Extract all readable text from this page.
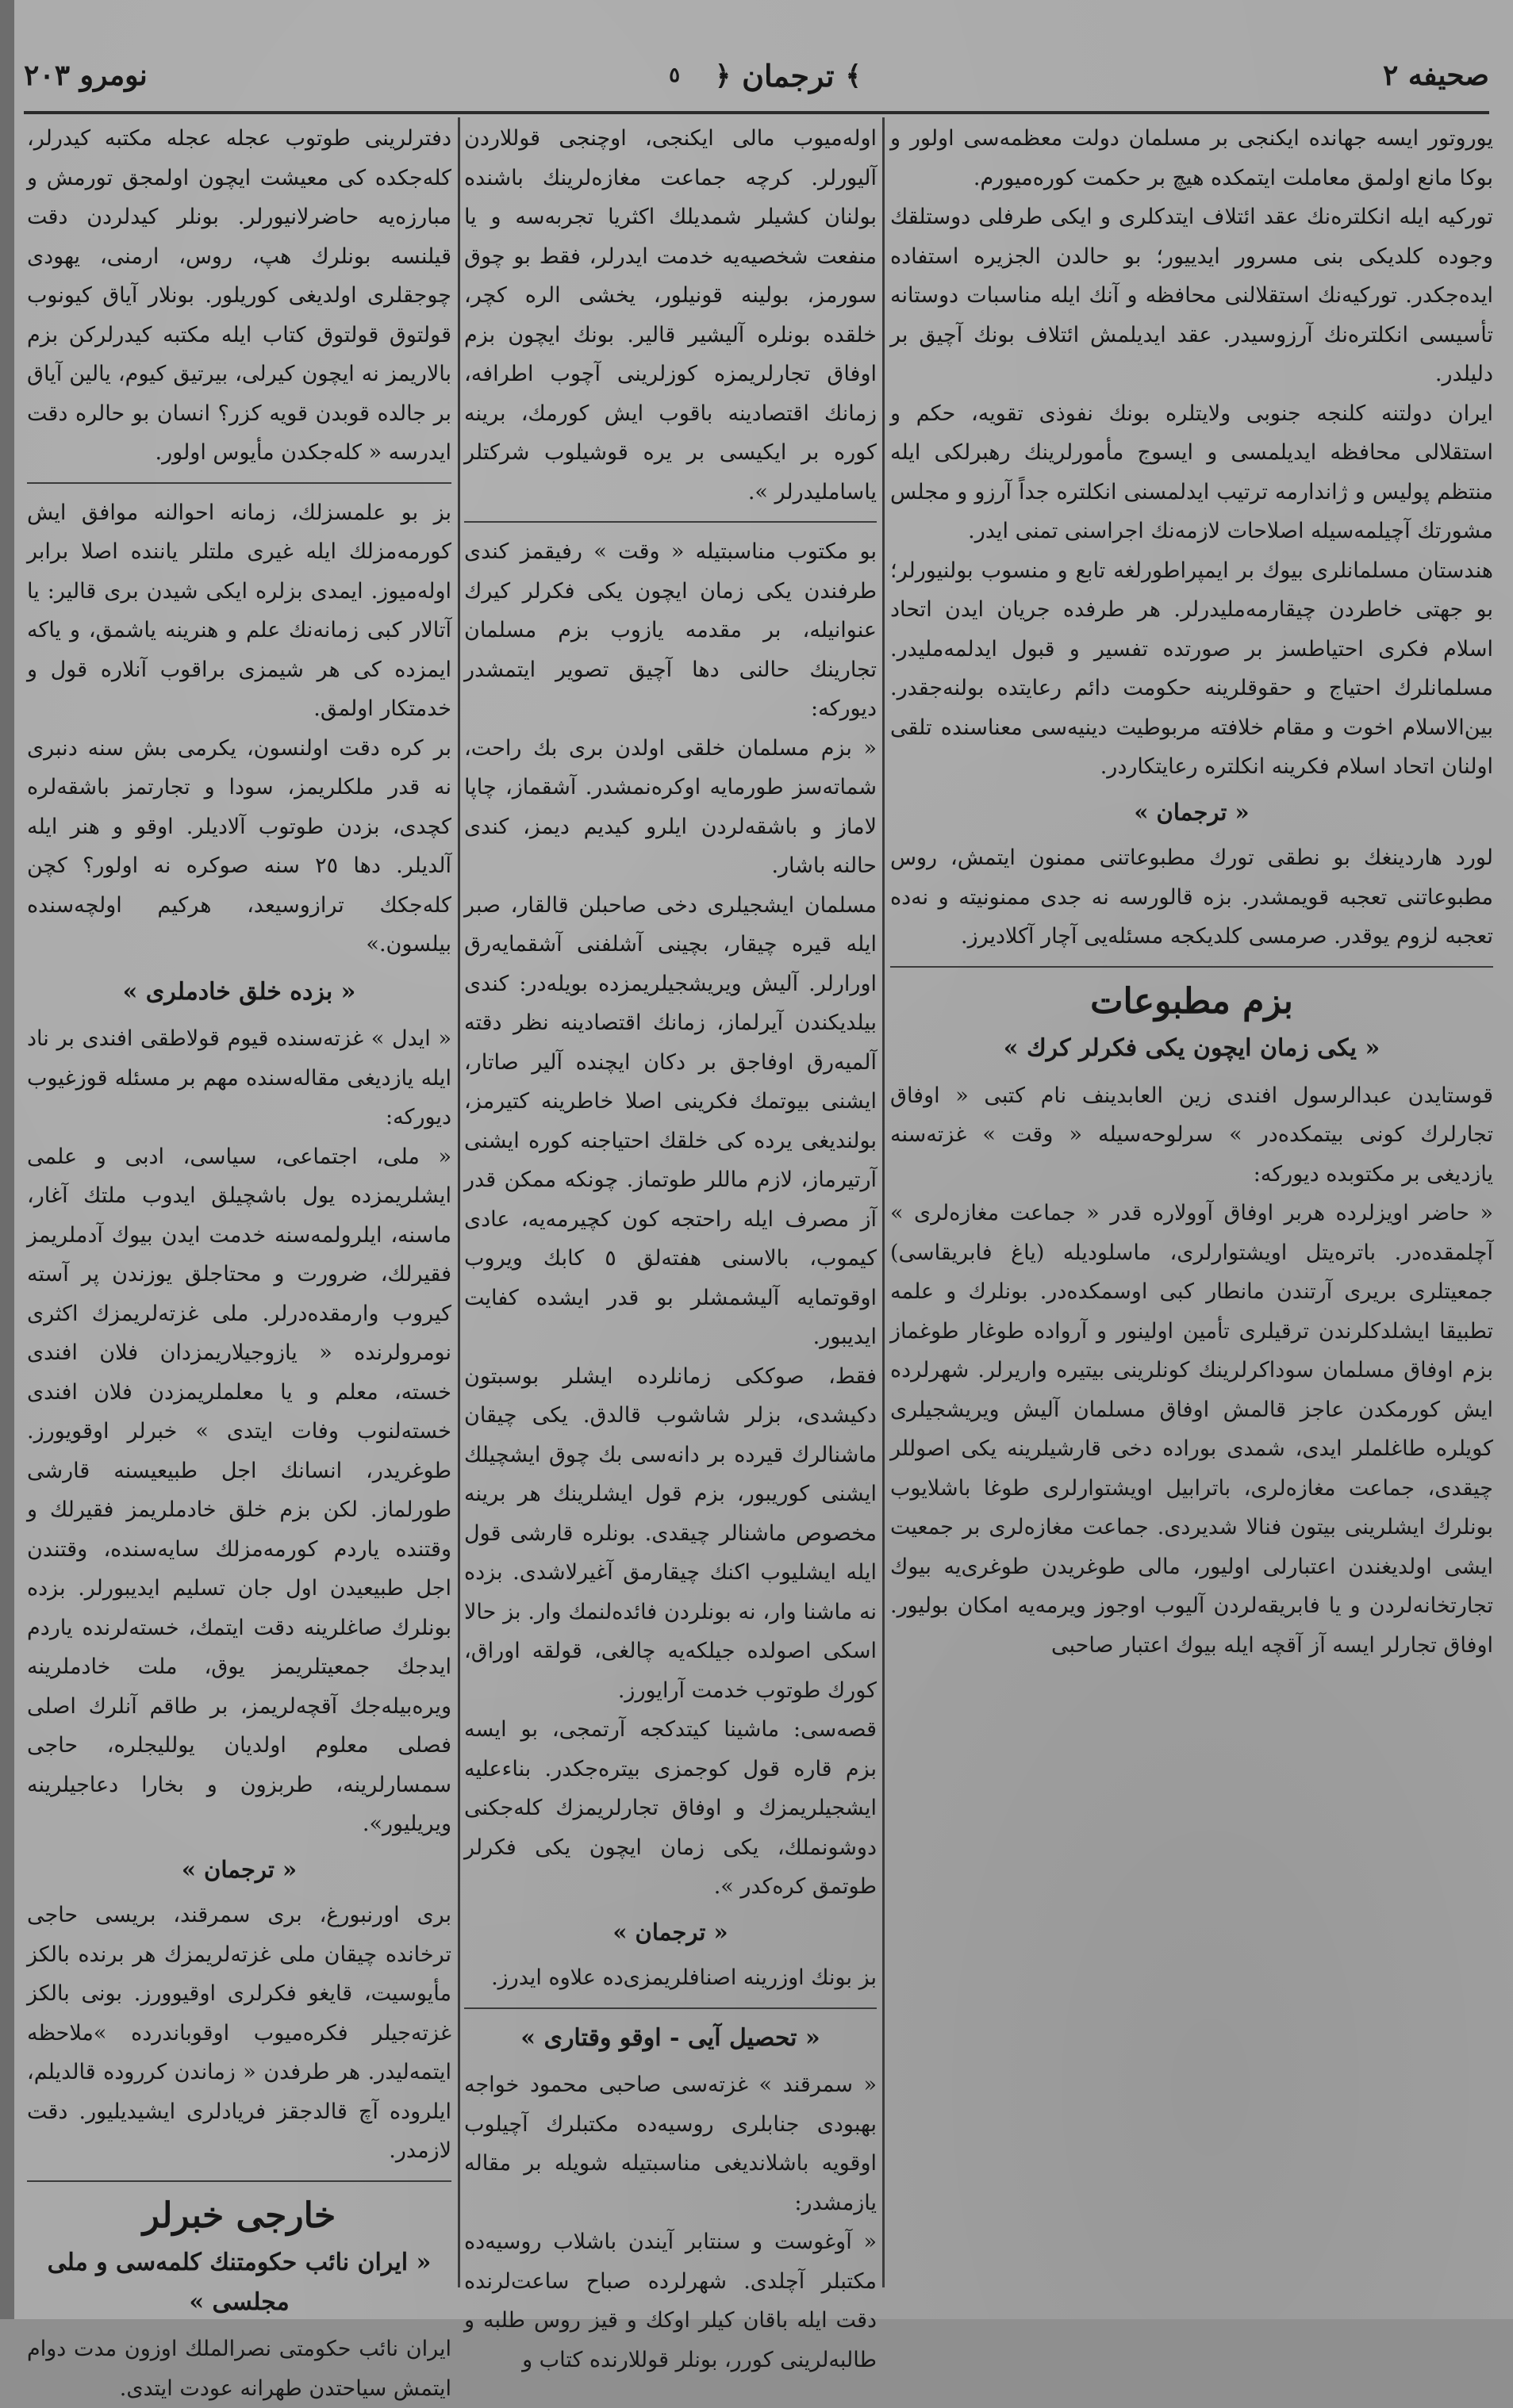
صحیفه ۲
﴾
ترجمان
﴿
٥
نومرو ۲۰۳

یوروتور ایسه جهانده ایکنجی بر مسلمان دولت معظمه‌سی اولور و بوکا مانع اولمق معاملت ایتمکده هیچ بر حکمت کوره‌میورم.

تورکیه ایله انکلتره‌نك عقد ائتلاف ایتدکلری و ایکی طرفلی دوستلقك وجوده کلدیکی بنی مسرور ایدییور؛ بو حالدن الجزیره استفاده ایده‌جکدر. تورکیه‌نك استقلالنی محافظه و آنك ایله مناسبات دوستانه تأسیسی انکلتره‌نك آرزوسیدر. عقد ایدیلمش ائتلاف بونك آچیق بر دلیلدر.

ایران دولتنه کلنجه جنوبی ولایتلره بونك نفوذی تقویه، حکم و استقلالی محافظه ایدیلمسی و ایسوج مأمورلرینك رهبرلکی ایله منتظم پولیس و ژاندارمه ترتیب ایدلمسنی انکلتره جداً آرزو و مجلس مشورتك آچیلمه‌سیله اصلاحات لازمه‌نك اجراسنی تمنی ایدر.

هندستان مسلمانلری بیوك بر ایمپراطورلغه تابع و منسوب بولنیورلر؛ بو جهتی خاطردن چیقارمه‌ملیدرلر. هر طرفده جریان ایدن اتحاد اسلام فکری احتیاطسز بر صورتده تفسیر و قبول ایدلمه‌ملیدر. مسلمانلرك احتیاج و حقوقلرینه حکومت دائم رعایتده بولنه‌جقدر. بین‌الاسلام اخوت و مقام خلافته مربوطیت دینیه‌سی معناسنده تلقی اولنان اتحاد اسلام فکرینه انکلتره رعایتکاردر.

« ترجمان »

لورد هاردینغك بو نطقی تورك مطبوعاتنی ممنون ایتمش، روس مطبوعاتنی تعجبه قویمشدر. بزه قالورسه نه جدی ممنونیته و نه‌ده تعجبه لزوم یوقدر. صرمسی کلدیکجه مسئله‌یی آچار آکلادیرز.

بزم مطبوعات
« یکی زمان ایچون یکی فکرلر کرك »

قوستایدن عبدالرسول افندی زین العابدینف نام کتبی « اوفاق تجارلرك کونی بیتمکده‌در » سرلوحه‌سیله « وقت » غزته‌سنه یازدیغی بر مکتوبده دیورکه:

« حاضر اویزلرده هربر اوفاق آوولاره قدر « جماعت مغازه‌لری » آچلمقده‌در. باتره‌یتل اویشتوارلری، ماسلودیله (یاغ فابریقاسی) جمعیتلری بریری آرتندن مانطار کبی اوسمکده‌در. بونلرك و علمه تطبیقا ایشلدکلرندن ترقیلری تأمین اولینور و آرواده طوغار طوغماز بزم اوفاق مسلمان سوداکرلرینك کونلرینی بیتیره واریرلر. شهرلرده ایش کورمکدن عاجز قالمش اوفاق مسلمان آلیش ویریشجیلری کویلره طاغلملر ایدی، شمدی بوراده دخی قارشیلرینه یکی اصوللر چیقدی، جماعت مغازه‌لری، باترابیل اویشتوارلری طوغا باشلایوب بونلرك ایشلرینی بیتون فنالا شدیردی. جماعت مغازه‌لری بر جمعیت ایشی اولدیغندن اعتبارلی اولیور، مالی طوغریدن طوغری‌یه بیوك تجارتخانه‌لردن و یا فابریقه‌لردن آلیوب اوجوز ویرمه‌یه امکان بولیور. اوفاق تجارلر ایسه آز آقچه ایله بیوك اعتبار صاحبی

اوله‌میوب مالی ایکنجی، اوچنجی قوللاردن آلیورلر. کرچه جماعت مغازه‌لرینك باشنده بولنان کشیلر شمدیلك اکثریا تجربه‌سه و یا منفعت شخصیه‌یه خدمت ایدرلر، فقط بو چوق سورمز، بولینه قونیلور، یخشی الره کچر، خلقده بونلره آلیشیر قالیر. بونك ایچون بزم اوفاق تجارلریمزه کوزلرینی آچوب اطرافه، زمانك اقتصادینه باقوب ایش کورمك، برینه کوره بر ایکیسی بر یره قوشیلوب شرکتلر یاساملیدرلر ».

بو مکتوب مناسبتیله « وقت » رفیقمز کندی طرفندن یکی زمان ایچون یکی فکرلر کیرك عنوانیله، بر مقدمه یازوب بزم مسلمان تجارینك حالنی دها آچیق تصویر ایتمشدر دیورکه:

« بزم مسلمان خلقی اولدن بری بك راحت، شماته‌سز طورمایه اوکره‌نمشدر. آشقماز، چاپا لاماز و باشقه‌لردن ایلرو کیدیم دیمز، کندی حالنه باشار.

مسلمان ایشجیلری دخی صاحبلن قالقار، صبر ایله قیره چیقار، بچینی آشلفنی آشقمایه‌رق اورارلر. آلیش ویریشجیلریمزده بویله‌در: کندی بیلدیکندن آیرلماز، زمانك اقتصادینه نظر دقته آلمیه‌رق اوفاجق بر دکان ایچنده آلیر صاتار، ایشنی بیوتمك فکرینی اصلا خاطرینه کتیرمز، بولندیغی یرده کی خلقك احتیاجنه کوره ایشنی آرتیرماز، لازم ماللر طوتماز. چونکه ممکن قدر آز مصرف ایله راحتجه کون کچیرمه‌یه، عادی کیموب، بالاسنی هفته‌لق ٥ کابك ویروب اوقوتمایه آلیشمشلر بو قدر ایشده کفایت ایدیبور.

فقط، صوککی زمانلرده ایشلر بوسبتون دکیشدی، بزلر شاشوب قالدق. یکی چیقان ماشنالرك قیرده بر دانه‌سی بك چوق ایشچیلك ایشنی کوریبور، بزم قول ایشلرینك هر برینه مخصوص ماشنالر چیقدی. بونلره قارشی قول ایله ایشلیوب اکنك چیقارمق آغیرلاشدی. بزده نه ماشنا وار، نه بونلردن فائده‌لنمك وار. بز حالا اسکی اصولده جیلکه‌یه چالغی، قولقه اوراق، کورك طوتوب خدمت آرایورز.

قصه‌سی: ماشینا کیتدکجه آرتمجی، بو ایسه بزم قاره قول کوجمزی بیتره‌جکدر. بناءعلیه ایشجیلریمزك و اوفاق تجارلریمزك کله‌جکنی دوشونملك، یکی زمان ایچون یکی فکرلر طوتمق کره‌کدر ».

« ترجمان »

بز بونك اوزرینه اصنافلریمزی‌ده علاوه ایدرز.

« تحصیل آیی - اوقو وقتاری »

« سمرقند » غزته‌سی صاحبی محمود خواجه بهبودی جنابلری روسیه‌ده مکتبلرك آچیلوب اوقویه باشلاندیغی مناسبتیله شویله بر مقاله یازمشدر:

« آوغوست و سنتابر آیندن باشلاب روسیه‌ده مکتبلر آچلدی. شهرلرده صباح ساعت‌لرنده دقت ایله باقان کیلر اوکك و قیز روس طلبه و طالبه‌لرینی کورر، بونلر قوللارنده کتاب و

دفترلرینی طوتوب عجله عجله مکتبه کیدرلر، کله‌جکده کی معیشت ایچون اولمجق تورمش و مبارزه‌یه حاضرلانیورلر. بونلر کیدلردن دقت قیلنسه بونلرك هپ، روس، ارمنی، یهودی چوجقلری اولدیغی کوریلور. بونلار آیاق کیونوب قولتوق قولتوق کتاب ایله مکتبه کیدرلرکن بزم بالاریمز نه ایچون کیرلی، بیرتیق کیوم، یالین آیاق بر جالده قوبدن قویه کزر؟ انسان بو حالره دقت ایدرسه « کله‌جکدن مأیوس اولور.

بز بو علمسزلك، زمانه احوالنه موافق ایش کورمه‌مزلك ایله غیری ملتلر یاننده اصلا برابر اوله‌میوز. ایمدی بزلره ایکی شیدن بری قالیر: یا آتالار کبی زمانه‌نك علم و هنرینه یاشمق، و یاکه ایمزده کی هر شیمزی براقوب آنلاره قول و خدمتکار اولمق.

بر کره دقت اولنسون، یکرمی بش سنه دنبری نه قدر ملکلریمز، سودا و تجارتمز باشقه‌لره کچدی، بزدن طوتوب آلادیلر. اوقو و هنر ایله آلدیلر. دها ٢٥ سنه صوکره نه اولور؟ کچن کله‌جکك ترازوسیعد، هرکیم اولچه‌سنده بیلسون.»

« بزده خلق خادملری »

« ایدل » غزته‌سنده قیوم قولاطقی افندی بر ناد ایله یازدیغی مقاله‌سنده مهم بر مسئله قوزغیوب دیورکه:

« ملی، اجتماعی، سیاسی، ادبی و علمی ایشلریمزده یول باشچیلق ایدوب ملتك آغار، ماسنه، ایلرولمه‌سنه خدمت ایدن بیوك آدملریمز فقیرلك، ضرورت و محتاجلق یوزندن پر آسته کیروب وارمقده‌درلر. ملی غزته‌لریمزك اکثری نومرولرنده « یازوجیلاریمزدان فلان افندی خسته، معلم و یا معلملریمزدن فلان افندی خسته‌لنوب وفات ایتدی » خبرلر اوقویورز. طوغریدر، انسانك اجل طبیعیسنه قارشی طورلماز. لکن بزم خلق خادملریمز فقیرلك و وقتنده یاردم کورمه‌مزلك سایه‌سنده، وقتندن اجل طبیعیدن اول جان تسلیم ایدیبورلر. بزده بونلرك صاغلرینه دقت ایتمك، خسته‌لرنده یاردم ایدجك جمعیتلریمز یوق، ملت خادملرینه ویره‌بیله‌جك آقچه‌لریمز، بر طاقم آنلرك اصلی فصلی معلوم اولدیان یوللیجلره، حاجی سمسارلرینه، طربزون و بخارا دعاجیلرینه ویریلیور».

« ترجمان »

بری اورنبورغ، بری سمرقند، بریسی حاجی ترخانده چیقان ملی غزته‌لریمزك هر برنده بالکز مأیوسیت، قایغو فکرلری اوقیوورز. بونی بالکز غزته‌جیلر فکره‌میوب اوقوباندرده »ملاحظه ایتمه‌لیدر. هر طرفدن « زماندن کرروده قالدیلم، ایلروده آچ قالدجقز فریادلری ایشیدیلیور. دقت لازمدر.

خارجی خبرلر
« ایران نائب حکومتنك کلمه‌سی و ملی مجلسی »

ایران نائب حکومتی نصرالملك اوزون مدت دوام ایتمش سیاحتدن طهرانه عودت ایتدی.
